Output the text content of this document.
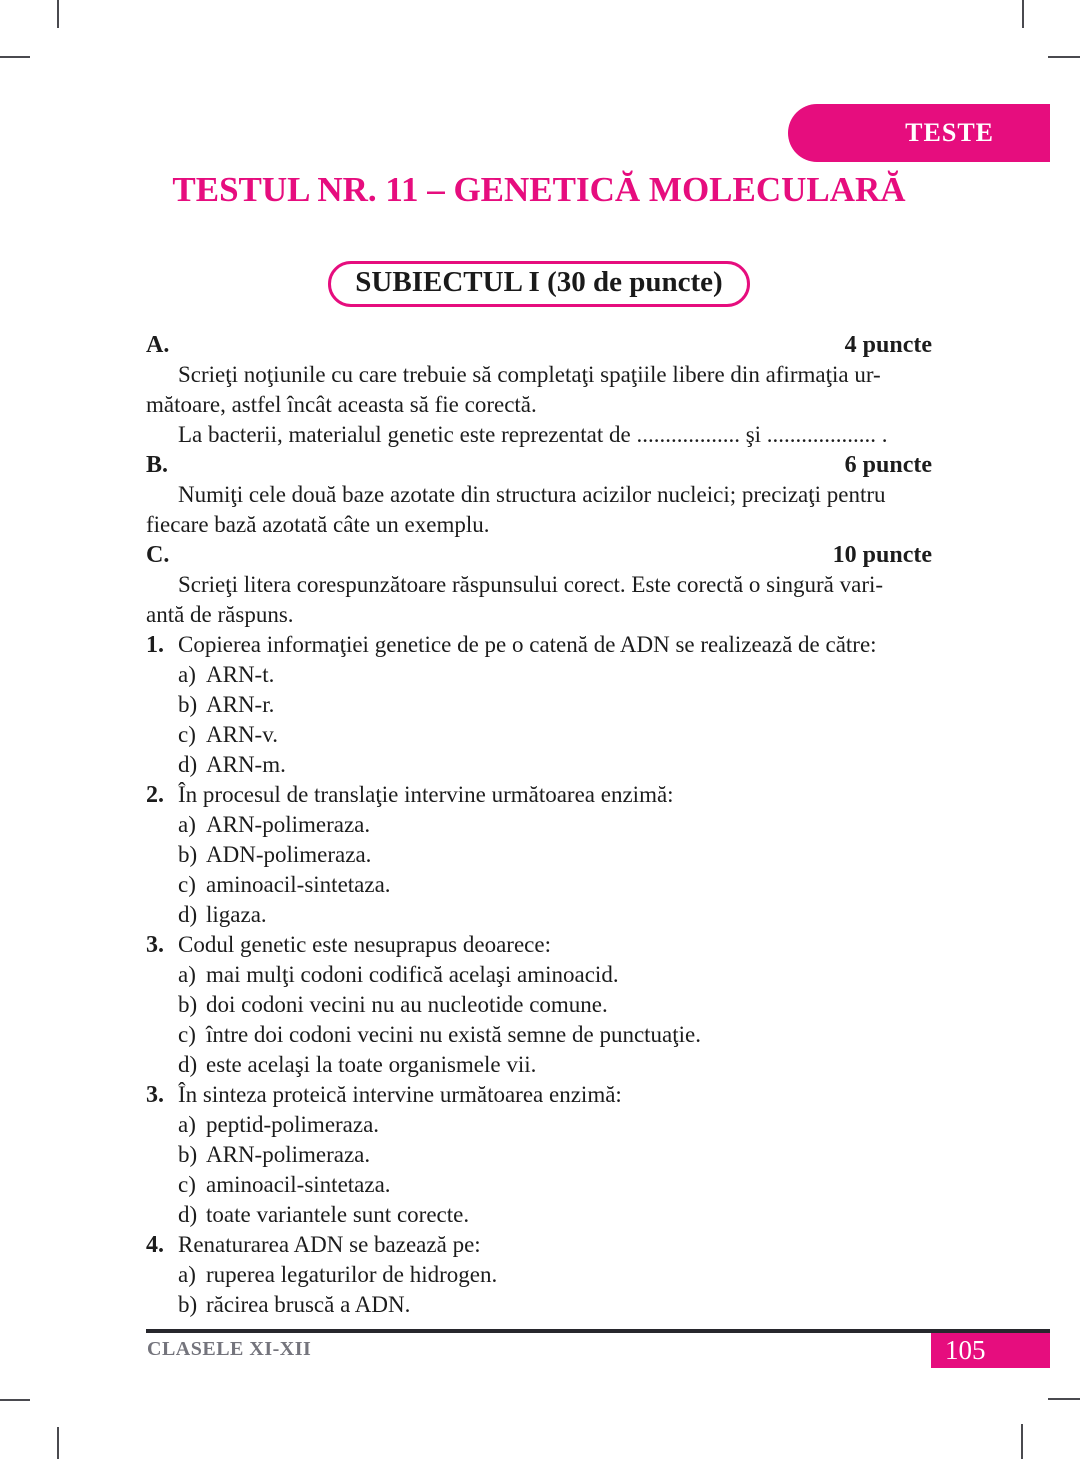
TESTE
TESTUL NR. 11 – GENETICĂ MOLECULARĂ
SUBIECTUL I (30 de puncte)
A.	4 puncte
Scrieţi noţiunile cu care trebuie să completaţi spaţiile libere din afirmaţia ur-
mătoare, astfel încât aceasta să fie corectă.
La bacterii, materialul genetic este reprezentat de .................. şi ................... .
B.	6 puncte
Numiţi cele două baze azotate din structura acizilor nucleici; precizaţi pentru
fiecare bază azotată câte un exemplu.
C.	10 puncte
Scrieţi litera corespunzătoare răspunsului corect. Este corectă o singură vari-
antă de răspuns.
1. Copierea informaţiei genetice de pe o catenă de ADN se realizează de către:
a) ARN-t.
b) ARN-r.
c) ARN-v.
d) ARN-m.
2. În procesul de translaţie intervine următoarea enzimă:
a) ARN-polimeraza.
b) ADN-polimeraza.
c) aminoacil-sintetaza.
d) ligaza.
3. Codul genetic este nesuprapus deoarece:
a) mai mulţi codoni codifică acelaşi aminoacid.
b) doi codoni vecini nu au nucleotide comune.
c) între doi codoni vecini nu există semne de punctuaţie.
d) este acelaşi la toate organismele vii.
3. În sinteza proteică intervine următoarea enzimă:
a) peptid-polimeraza.
b) ARN-polimeraza.
c) aminoacil-sintetaza.
d) toate variantele sunt corecte.
4. Renaturarea ADN se bazează pe:
a) ruperea legaturilor de hidrogen.
b) răcirea bruscă a ADN.
CLASELE XI-XII	105
